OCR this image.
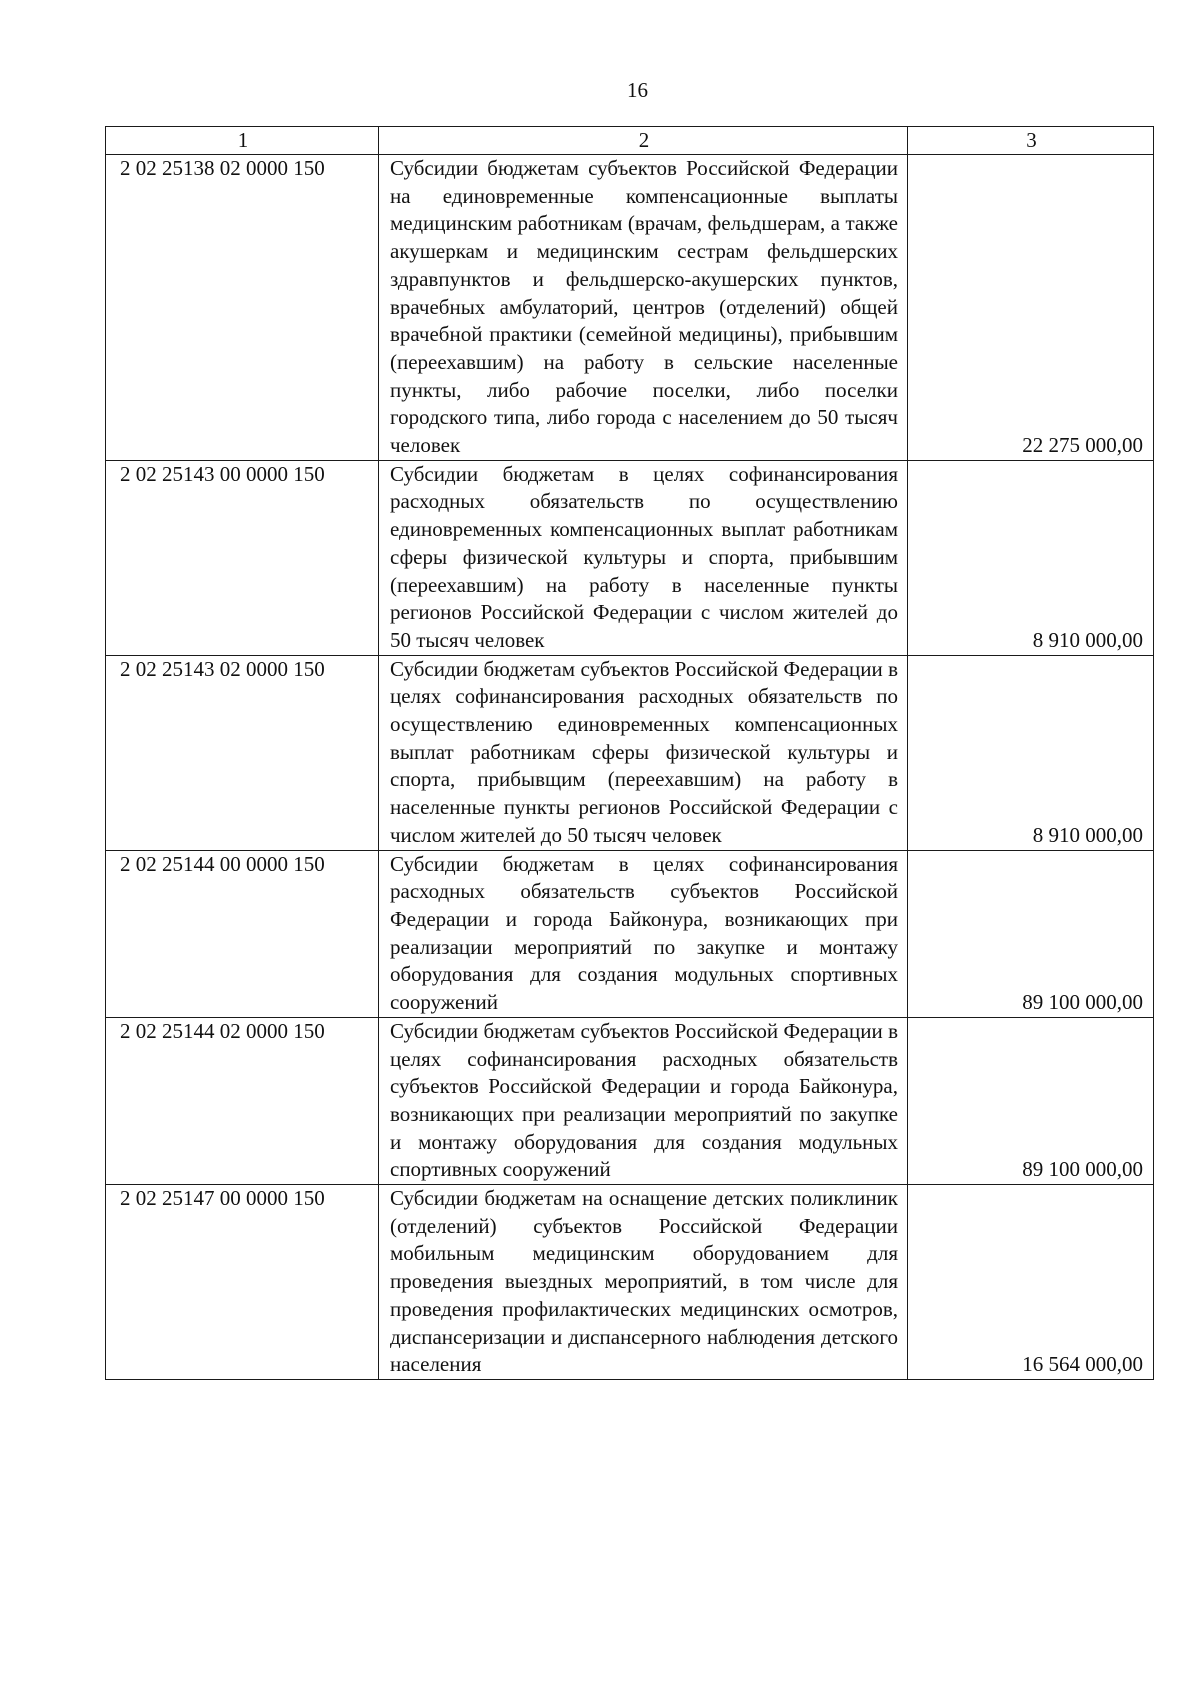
16
1	2	3
2 02 25138 02 0000 150	Субсидии бюджетам субъектов Российской Федерации на единовременные компенсационные выплаты медицинским работникам (врачам, фельдшерам, а также акушеркам и медицинским сестрам фельдшерских здравпунктов и фельдшерско-акушерских пунктов, врачебных амбулаторий, центров (отделений) общей врачебной практики (семейной медицины), прибывшим (переехавшим) на работу в сельские населенные пункты, либо рабочие поселки, либо поселки городского типа, либо города с населением до 50 тысяч человек	22 275 000,00
2 02 25143 00 0000 150	Субсидии бюджетам в целях софинансирования расходных обязательств по осуществлению единовременных компенсационных выплат работникам сферы физической культуры и спорта, прибывшим (переехавшим) на работу в населенные пункты регионов Российской Федерации с числом жителей до 50 тысяч человек	8 910 000,00
2 02 25143 02 0000 150	Субсидии бюджетам субъектов Российской Федерации в целях софинансирования расходных обязательств по осуществлению единовременных компенсационных выплат работникам сферы физической культуры и спорта, прибывщим (переехавшим) на работу в населенные пункты регионов Российской Федерации с числом жителей до 50 тысяч человек	8 910 000,00
2 02 25144 00 0000 150	Субсидии бюджетам в целях софинансирования расходных обязательств субъектов Российской Федерации и города Байконура, возникающих при реализации мероприятий по закупке и монтажу оборудования для создания модульных спортивных сооружений	89 100 000,00
2 02 25144 02 0000 150	Субсидии бюджетам субъектов Российской Федерации в целях софинансирования расходных обязательств субъектов Российской Федерации и города Байконура, возникающих при реализации мероприятий по закупке и монтажу оборудования для создания модульных спортивных сооружений	89 100 000,00
2 02 25147 00 0000 150	Субсидии бюджетам на оснащение детских поликлиник (отделений) субъектов Российской Федерации мобильным медицинским оборудованием для проведения выездных мероприятий, в том числе для проведения профилактических медицинских осмотров, диспансеризации и диспансерного наблюдения детского населения	16 564 000,00
